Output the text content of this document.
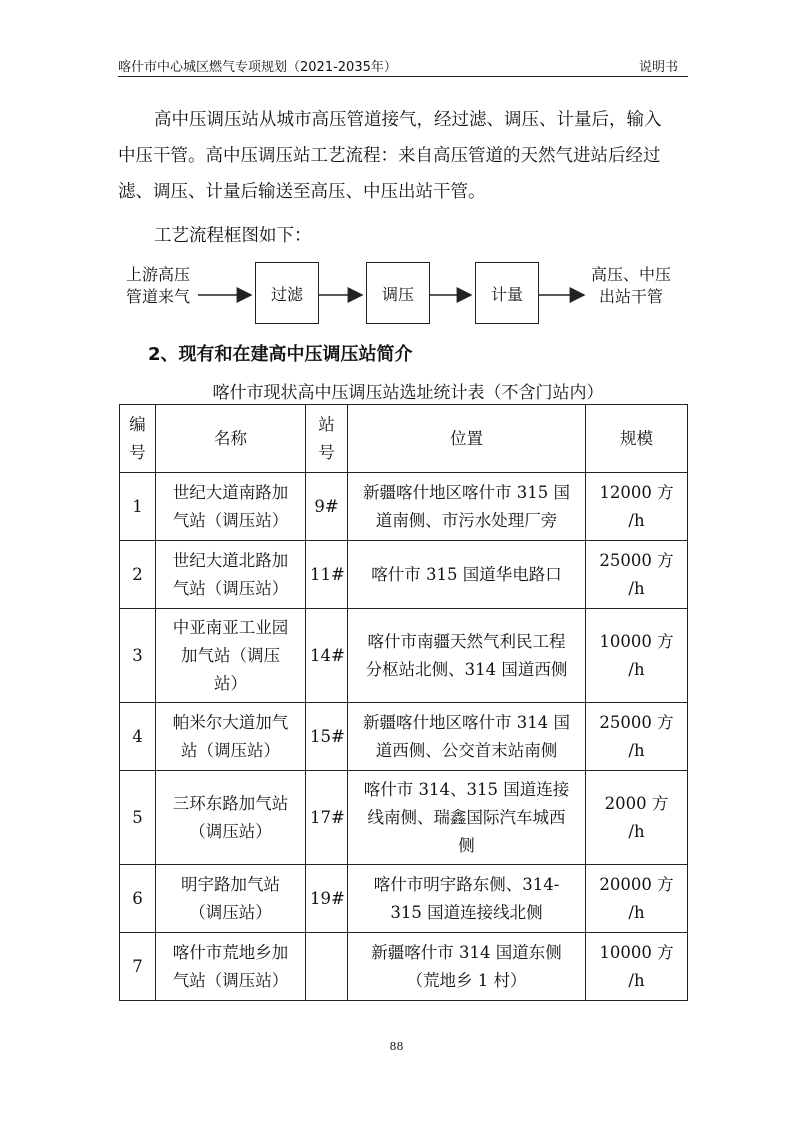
喀什市中心城区燃气专项规划（2021-2035年）	说明书

高中压调压站从城市高压管道接气，经过滤、调压、计量后，输入

中压干管。高中压调压站工艺流程：来自高压管道的天然气进站后经过

滤、调压、计量后输送至高压、中压出站干管。

工艺流程框图如下：

上游高压
管道来气	过滤	调压	计量
高压、中压
出站干管
2、现有和在建高中压调压站简介
喀什市现状高中压调压站选址统计表（不含门站内）
编
号	名称	站
号	位置	规模
1	世纪大道南路加
气站（调压站）	9#	新疆喀什地区喀什市 315 国
道南侧、市污水处理厂旁	12000 方
/h
2	世纪大道北路加
气站（调压站）	11#	喀什市 315 国道华电路口	25000 方
/h
3	中亚南亚工业园
加气站（调压
站）	14#	喀什市南疆天然气利民工程
分枢站北侧、314 国道西侧	10000 方
/h
4	帕米尔大道加气
站（调压站）	15#	新疆喀什地区喀什市 314 国
道西侧、公交首末站南侧	25000 方
/h
5	三环东路加气站
（调压站）	17#	喀什市 314、315 国道连接
线南侧、瑞鑫国际汽车城西
侧	2000 方
/h
6	明宇路加气站
（调压站）	19#	喀什市明宇路东侧、314-
315 国道连接线北侧	20000 方
/h
7	喀什市荒地乡加
气站（调压站）		新疆喀什市 314 国道东侧
（荒地乡 1 村）	10000 方
/h
88
